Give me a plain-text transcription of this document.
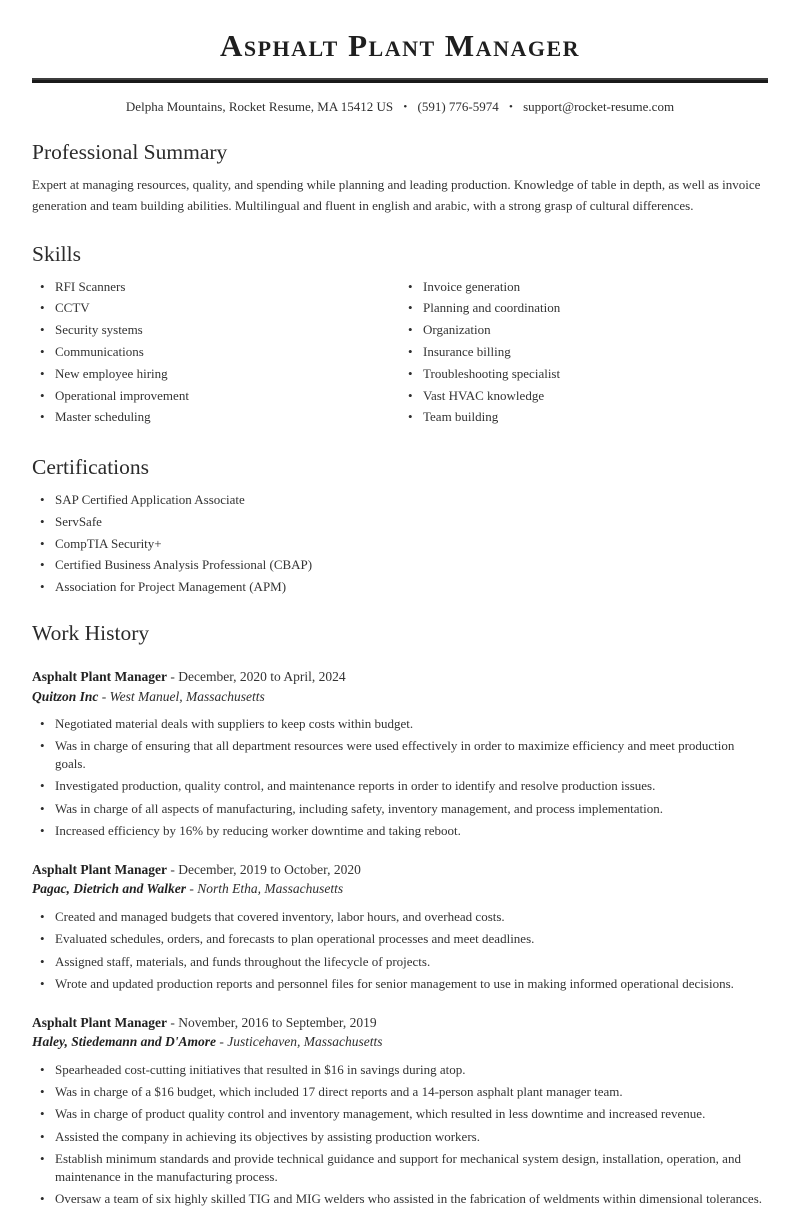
Asphalt Plant Manager
Delpha Mountains, Rocket Resume, MA 15412 US • (591) 776-5974 • support@rocket-resume.com
Professional Summary

Expert at managing resources, quality, and spending while planning and leading production. Knowledge of table in depth, as well as invoice generation and team building abilities. Multilingual and fluent in english and arabic, with a strong grasp of cultural differences.

Skills
• RFI Scanners
• CCTV
• Security systems
• Communications
• New employee hiring
• Operational improvement
• Master scheduling
• Invoice generation
• Planning and coordination
• Organization
• Insurance billing
• Troubleshooting specialist
• Vast HVAC knowledge
• Team building
Certifications
• SAP Certified Application Associate
• ServSafe
• CompTIA Security+
• Certified Business Analysis Professional (CBAP)
• Association for Project Management (APM)
Work History
Asphalt Plant Manager - December, 2020 to April, 2024
Quitzon Inc - West Manuel, Massachusetts
• Negotiated material deals with suppliers to keep costs within budget.
• Was in charge of ensuring that all department resources were used effectively in order to maximize efficiency and meet production goals.
• Investigated production, quality control, and maintenance reports in order to identify and resolve production issues.
• Was in charge of all aspects of manufacturing, including safety, inventory management, and process implementation.
• Increased efficiency by 16% by reducing worker downtime and taking reboot.
Asphalt Plant Manager - December, 2019 to October, 2020
Pagac, Dietrich and Walker - North Etha, Massachusetts
• Created and managed budgets that covered inventory, labor hours, and overhead costs.
• Evaluated schedules, orders, and forecasts to plan operational processes and meet deadlines.
• Assigned staff, materials, and funds throughout the lifecycle of projects.
• Wrote and updated production reports and personnel files for senior management to use in making informed operational decisions.
Asphalt Plant Manager - November, 2016 to September, 2019
Haley, Stiedemann and D'Amore - Justicehaven, Massachusetts
• Spearheaded cost-cutting initiatives that resulted in $16 in savings during atop.
• Was in charge of a $16 budget, which included 17 direct reports and a 14-person asphalt plant manager team.
• Was in charge of product quality control and inventory management, which resulted in less downtime and increased revenue.
• Assisted the company in achieving its objectives by assisting production workers.
• Establish minimum standards and provide technical guidance and support for mechanical system design, installation, operation, and maintenance in the manufacturing process.
• Oversaw a team of six highly skilled TIG and MIG welders who assisted in the fabrication of weldments within dimensional tolerances.
